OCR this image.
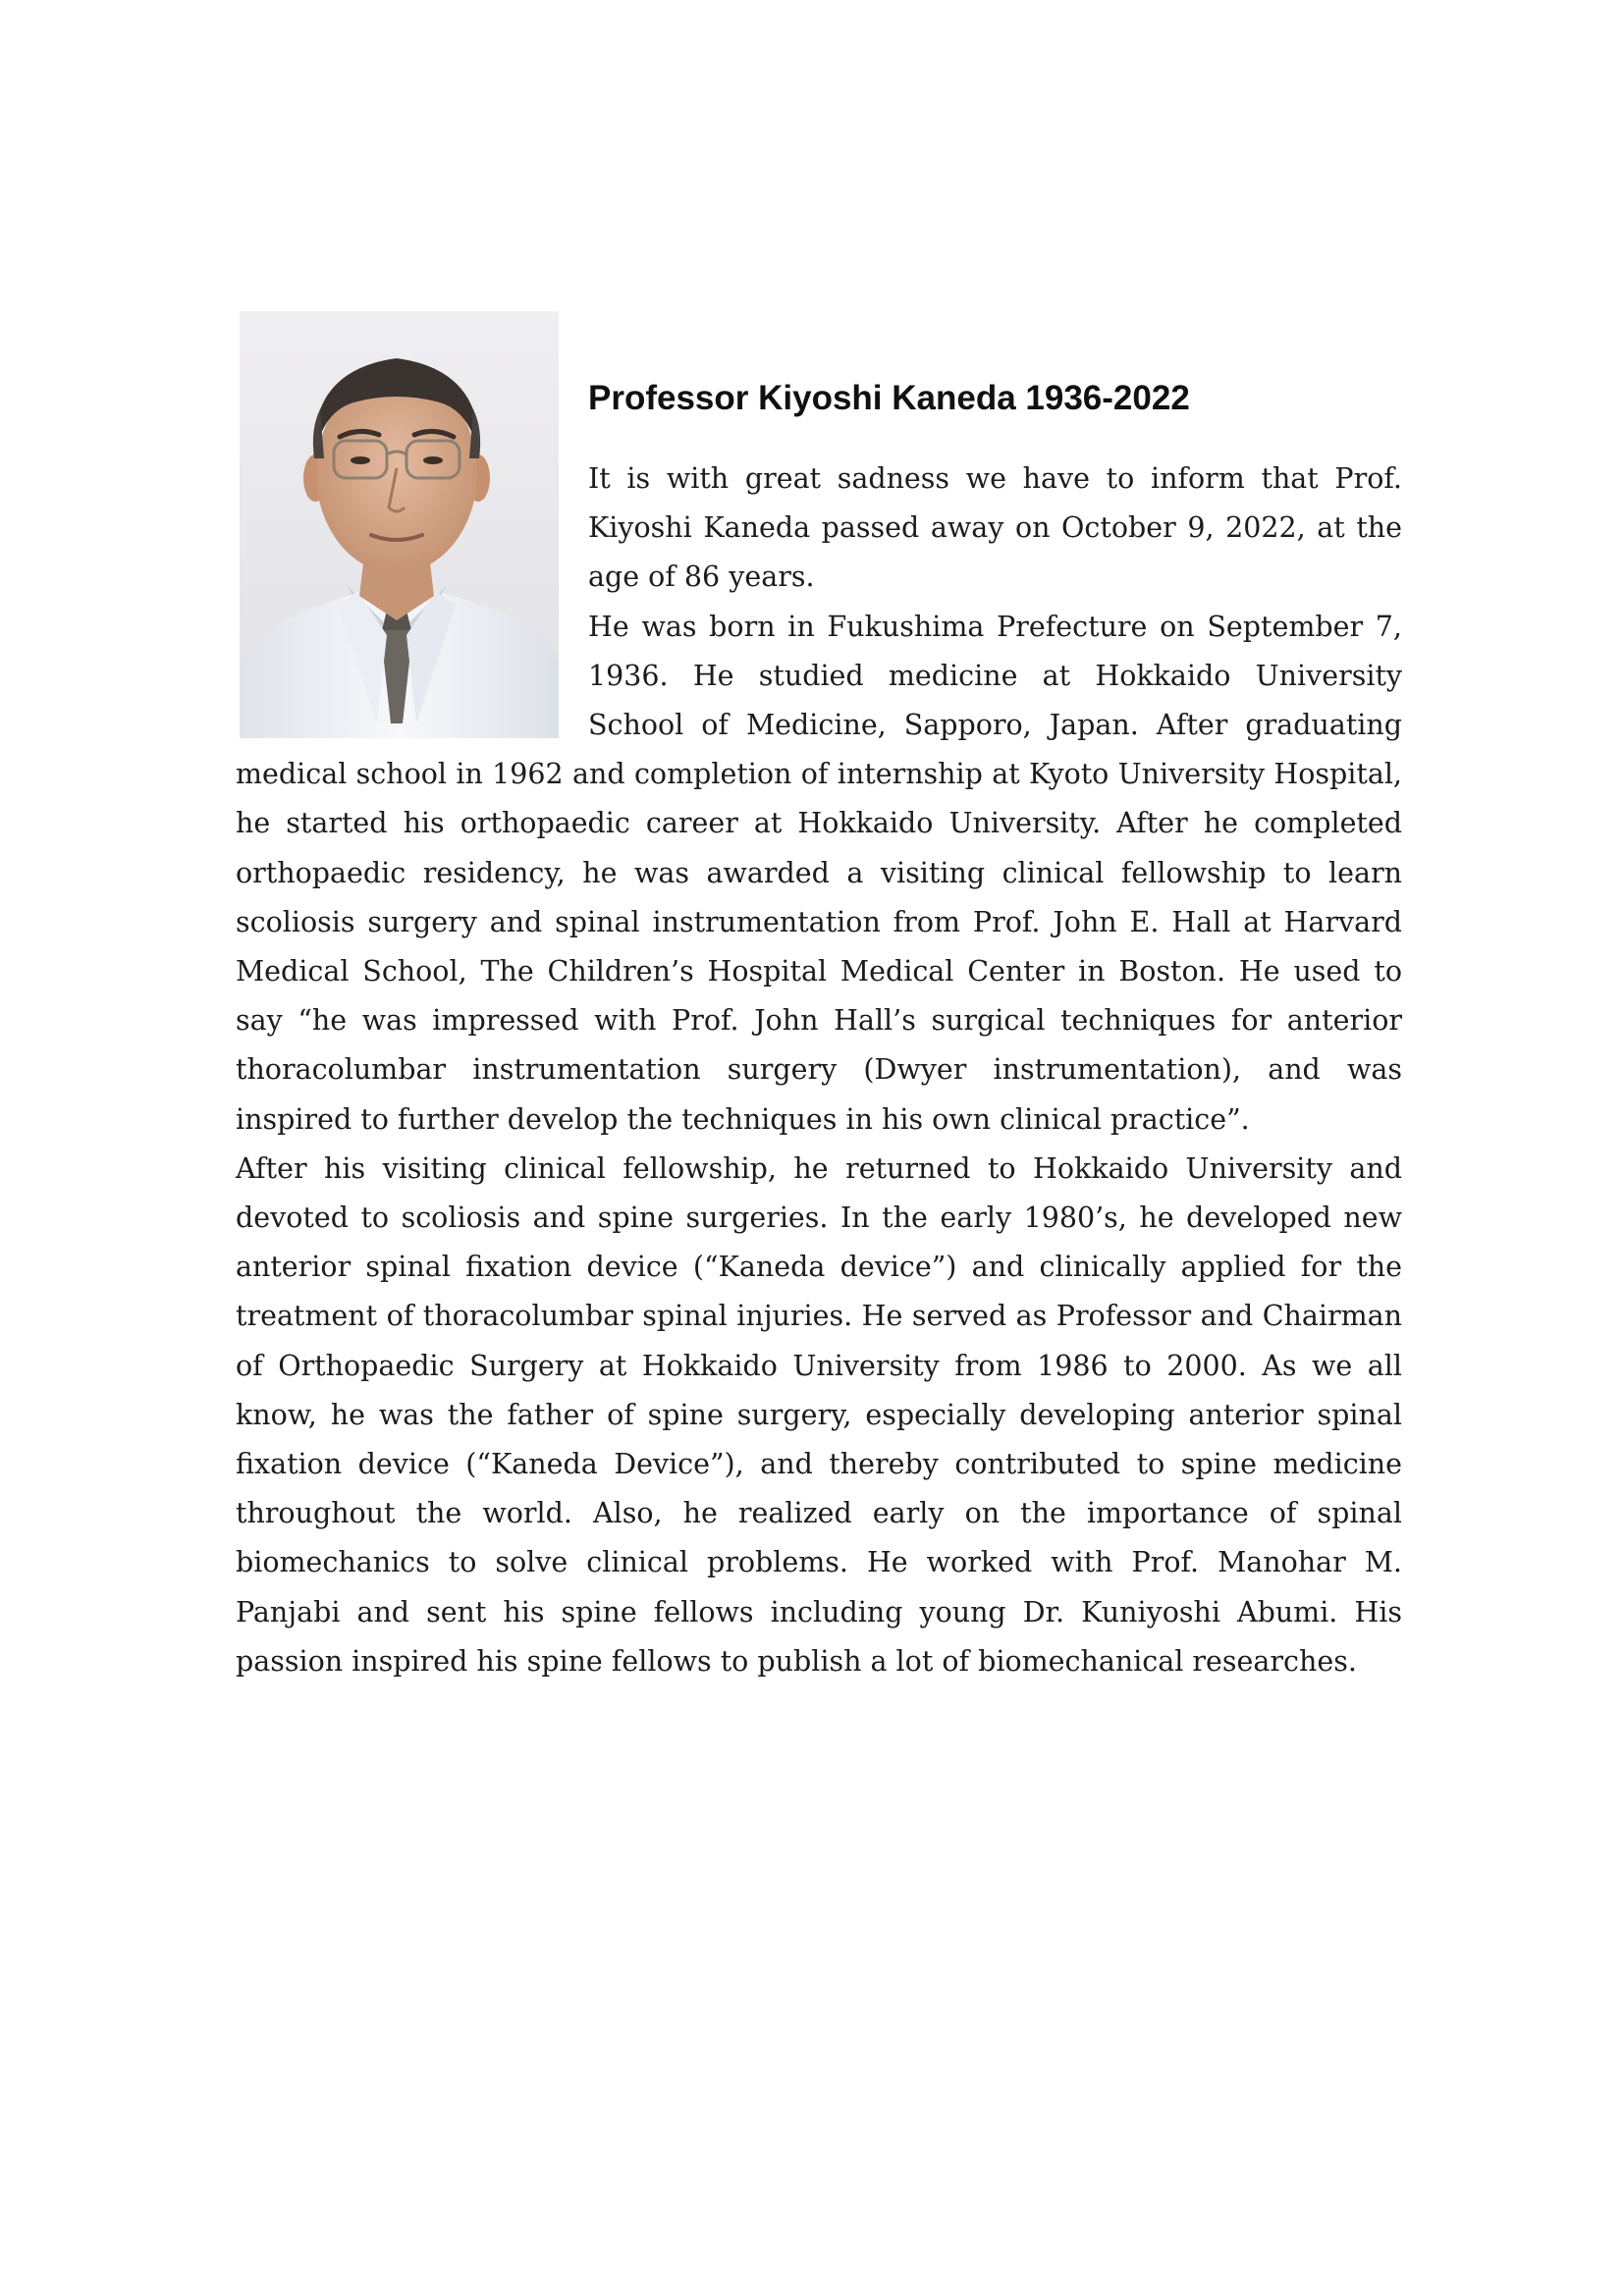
Professor Kiyoshi Kaneda 1936-2022

It is with great sadness we have to inform that Prof. Kiyoshi Kaneda passed away on October 9, 2022, at the age of 86 years.

He was born in Fukushima Prefecture on September 7, 1936. He studied medicine at Hokkaido University School of Medicine, Sapporo, Japan. After graduating medical school in 1962 and completion of internship at Kyoto University Hospital, he started his orthopaedic career at Hokkaido University. After he completed orthopaedic residency, he was awarded a visiting clinical fellowship to learn scoliosis surgery and spinal instrumentation from Prof. John E. Hall at Harvard Medical School, The Children’s Hospital Medical Center in Boston. He used to say “he was impressed with Prof. John Hall’s surgical techniques for anterior thoracolumbar instrumentation surgery (Dwyer instrumentation), and was inspired to further develop the techniques in his own clinical practice”.

After his visiting clinical fellowship, he returned to Hokkaido University and devoted to scoliosis and spine surgeries. In the early 1980’s, he developed new anterior spinal fixation device (“Kaneda device”) and clinically applied for the treatment of thoracolumbar spinal injuries. He served as Professor and Chairman of Orthopaedic Surgery at Hokkaido University from 1986 to 2000. As we all know, he was the father of spine surgery, especially developing anterior spinal fixation device (“Kaneda Device”), and thereby contributed to spine medicine throughout the world. Also, he realized early on the importance of spinal biomechanics to solve clinical problems. He worked with Prof. Manohar M. Panjabi and sent his spine fellows including young Dr. Kuniyoshi Abumi. His passion inspired his spine fellows to publish a lot of biomechanical researches.
